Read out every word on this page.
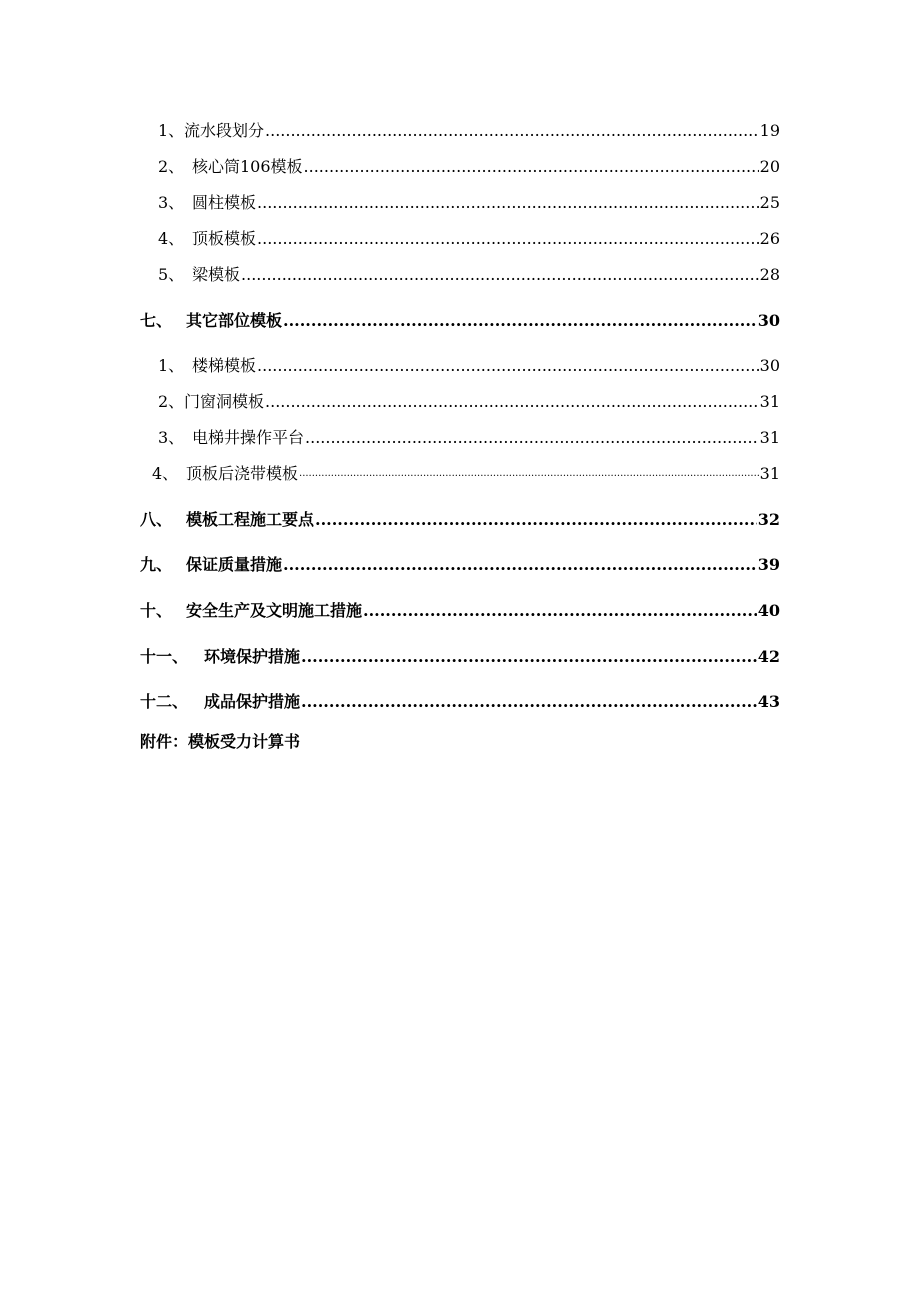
1、 流水段划分 .....	19
2、 核心筒106模板 .....	20
3、 圆柱模板 .....	25
4、 顶板模板 .....	26
5、 梁模板 .....	28
七、 其它部位模板 .....	30
1、 楼梯模板 .....	30
2、 门窗洞模板 .....	31
3、 电梯井操作平台 .....	31
4、 顶板后浇带模板 .....	31
八、 模板工程施工要点 .....	32
九、 保证质量措施 .....	39
十、 安全生产及文明施工措施 .....	40
十一、 环境保护措施 .....	42
十二、 成品保护措施 .....	43
附件：模板受力计算书
